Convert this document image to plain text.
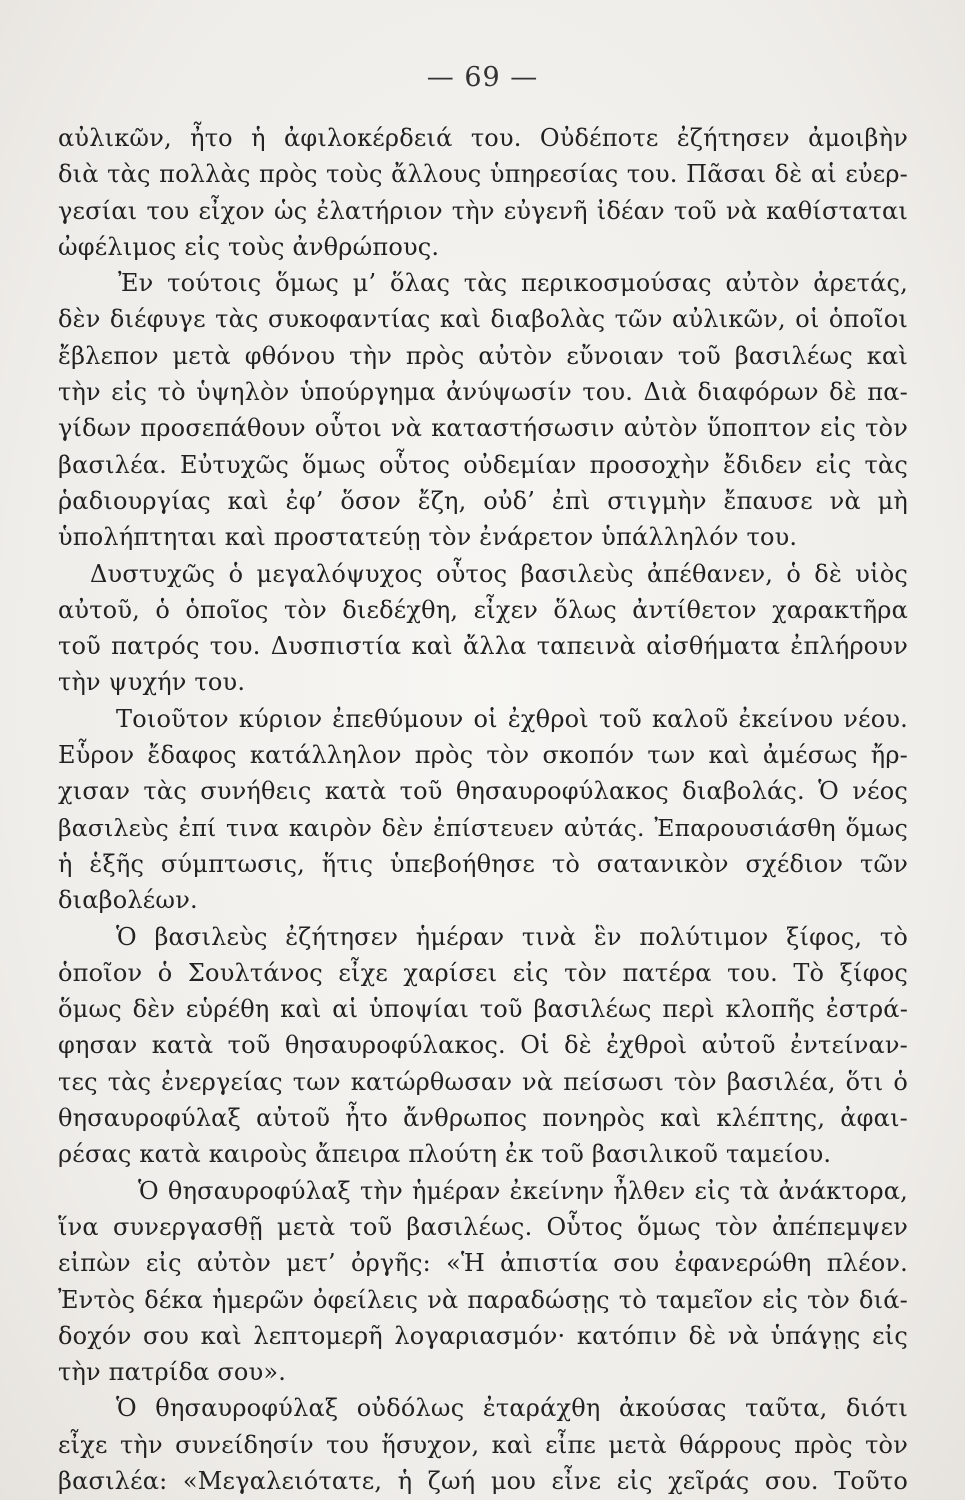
— 69 —
αὐλικῶν, ἦτο ἡ ἀφιλοκέρδειά του. Οὐδέποτε ἐζήτησεν ἀμοιβὴν
διὰ τὰς πολλὰς πρὸς τοὺς ἄλλους ὑπηρεσίας του. Πᾶσαι δὲ αἱ εὐερ-
γεσίαι του εἶχον ὡς ἐλατήριον τὴν εὐγενῆ ἰδέαν τοῦ νὰ καθίσταται
ὠφέλιμος εἰς τοὺς ἀνθρώπους.
Ἐν τούτοις ὅμως μ’ ὅλας τὰς περικοσμούσας αὐτὸν ἀρετάς,
δὲν διέφυγε τὰς συκοφαντίας καὶ διαβολὰς τῶν αὐλικῶν, οἱ ὁποῖοι
ἔβλεπον μετὰ φθόνου τὴν πρὸς αὐτὸν εὔνοιαν τοῦ βασιλέως καὶ
τὴν εἰς τὸ ὑψηλὸν ὑπούργημα ἀνύψωσίν του. Διὰ διαφόρων δὲ πα-
γίδων προσεπάθουν οὗτοι νὰ καταστήσωσιν αὐτὸν ὕποπτον εἰς τὸν
βασιλέα. Εὐτυχῶς ὅμως οὗτος οὐδεμίαν προσοχὴν ἔδιδεν εἰς τὰς
ῥαδιουργίας καὶ ἐφ’ ὅσον ἔζη, οὐδ’ ἐπὶ στιγμὴν ἔπαυσε νὰ μὴ
ὑπολήπτηται καὶ προστατεύῃ τὸν ἐνάρετον ὑπάλληλόν του.
Δυστυχῶς ὁ μεγαλόψυχος οὗτος βασιλεὺς ἀπέθανεν, ὁ δὲ υἱὸς
αὐτοῦ, ὁ ὁποῖος τὸν διεδέχθη, εἶχεν ὅλως ἀντίθετον χαρακτῆρα
τοῦ πατρός του. Δυσπιστία καὶ ἄλλα ταπεινὰ αἰσθήματα ἐπλήρουν
τὴν ψυχήν του.
Τοιοῦτον κύριον ἐπεθύμουν οἱ ἐχθροὶ τοῦ καλοῦ ἐκείνου νέου.
Εὗρον ἔδαφος κατάλληλον πρὸς τὸν σκοπόν των καὶ ἀμέσως ἤρ-
χισαν τὰς συνήθεις κατὰ τοῦ θησαυροφύλακος διαβολάς. Ὁ νέος
βασιλεὺς ἐπί τινα καιρὸν δὲν ἐπίστευεν αὐτάς. Ἐπαρουσιάσθη ὅμως
ἡ ἑξῆς σύμπτωσις, ἥτις ὑπεβοήθησε τὸ σατανικὸν σχέδιον τῶν
διαβολέων.
Ὁ βασιλεὺς ἐζήτησεν ἡμέραν τινὰ ἓν πολύτιμον ξίφος, τὸ
ὁποῖον ὁ Σουλτάνος εἶχε χαρίσει εἰς τὸν πατέρα του. Τὸ ξίφος
ὅμως δὲν εὑρέθη καὶ αἱ ὑποψίαι τοῦ βασιλέως περὶ κλοπῆς ἐστρά-
φησαν κατὰ τοῦ θησαυροφύλακος. Οἱ δὲ ἐχθροὶ αὐτοῦ ἐντείναν-
τες τὰς ἐνεργείας των κατώρθωσαν νὰ πείσωσι τὸν βασιλέα, ὅτι ὁ
θησαυροφύλαξ αὐτοῦ ἦτο ἄνθρωπος πονηρὸς καὶ κλέπτης, ἀφαι-
ρέσας κατὰ καιροὺς ἄπειρα πλούτη ἐκ τοῦ βασιλικοῦ ταμείου.
Ὁ θησαυροφύλαξ τὴν ἡμέραν ἐκείνην ἦλθεν εἰς τὰ ἀνάκτορα,
ἵνα συνεργασθῇ μετὰ τοῦ βασιλέως. Οὗτος ὅμως τὸν ἀπέπεμψεν
εἰπὼν εἰς αὐτὸν μετ’ ὀργῆς: «Ἡ ἀπιστία σου ἐφανερώθη πλέον.
Ἐντὸς δέκα ἡμερῶν ὀφείλεις νὰ παραδώσῃς τὸ ταμεῖον εἰς τὸν διά-
δοχόν σου καὶ λεπτομερῆ λογαριασμόν· κατόπιν δὲ νὰ ὑπάγῃς εἰς
τὴν πατρίδα σου».
Ὁ θησαυροφύλαξ οὐδόλως ἐταράχθη ἀκούσας ταῦτα, διότι
εἶχε τὴν συνείδησίν του ἥσυχον, καὶ εἶπε μετὰ θάρρους πρὸς τὸν
βασιλέα: «Μεγαλειότατε, ἡ ζωή μου εἶνε εἰς χεῖράς σου. Τοῦτο
